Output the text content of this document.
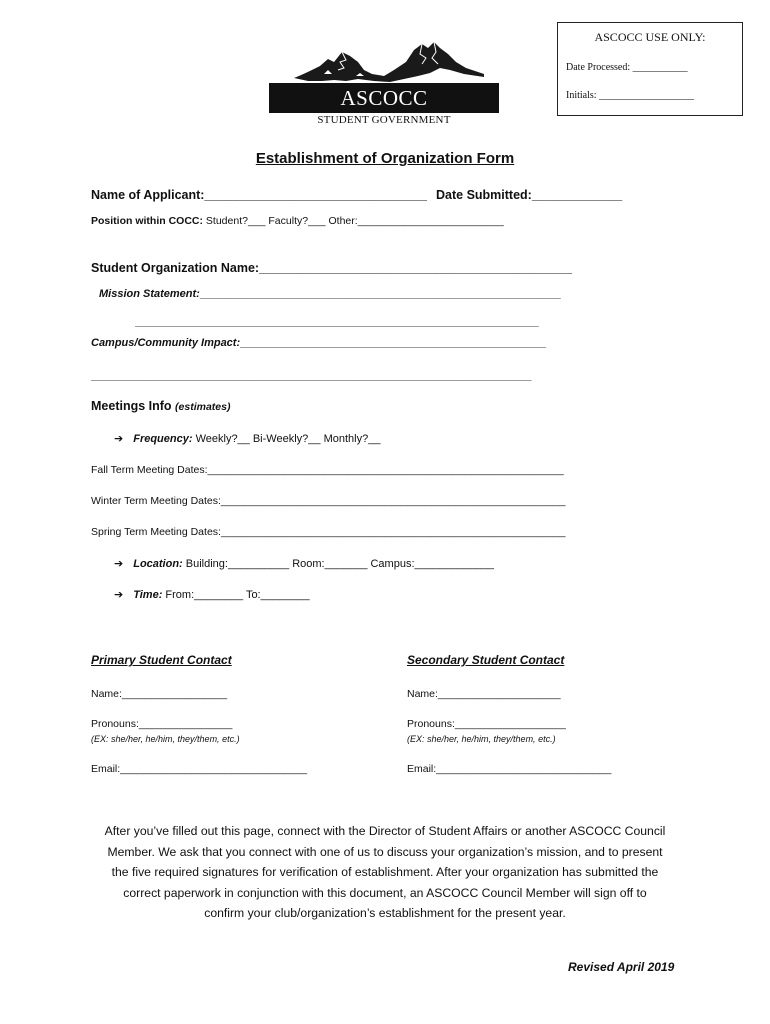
ASCOCC USE ONLY:
Date Processed: ___________
Initials: ___________________
ASCOCC
STUDENT GOVERNMENT
Establishment of Organization Form
Name of Applicant:________________________________ Date Submitted:_____________
Position within COCC: Student?___ Faculty?___ Other:_________________________
Student Organization Name:_____________________________________________
Mission Statement:___________________________________________________________
__________________________________________________________________
Campus/Community Impact:__________________________________________________
________________________________________________________________________
Meetings Info (estimates)
➔ Frequency: Weekly?__ Bi-Weekly?__ Monthly?__
Fall Term Meeting Dates:_____________________________________________________________
Winter Term Meeting Dates:___________________________________________________________
Spring Term Meeting Dates:___________________________________________________________
➔ Location: Building:__________ Room:_______ Campus:_____________
➔ Time: From:________ To:________
Primary Student Contact	Secondary Student Contact
Name:__________________	Name:_____________________
Pronouns:________________	Pronouns:___________________
(EX: she/her, he/him, they/them, etc.)	(EX: she/her, he/him, they/them, etc.)
Email:________________________________	Email:______________________________
After you’ve filled out this page, connect with the Director of Student Affairs or another ASCOCC Council
Member. We ask that you connect with one of us to discuss your organization’s mission, and to present
the five required signatures for verification of establishment. After your organization has submitted the
correct paperwork in conjunction with this document, an ASCOCC Council Member will sign off to
confirm your club/organization’s establishment for the present year.
Revised April 2019
